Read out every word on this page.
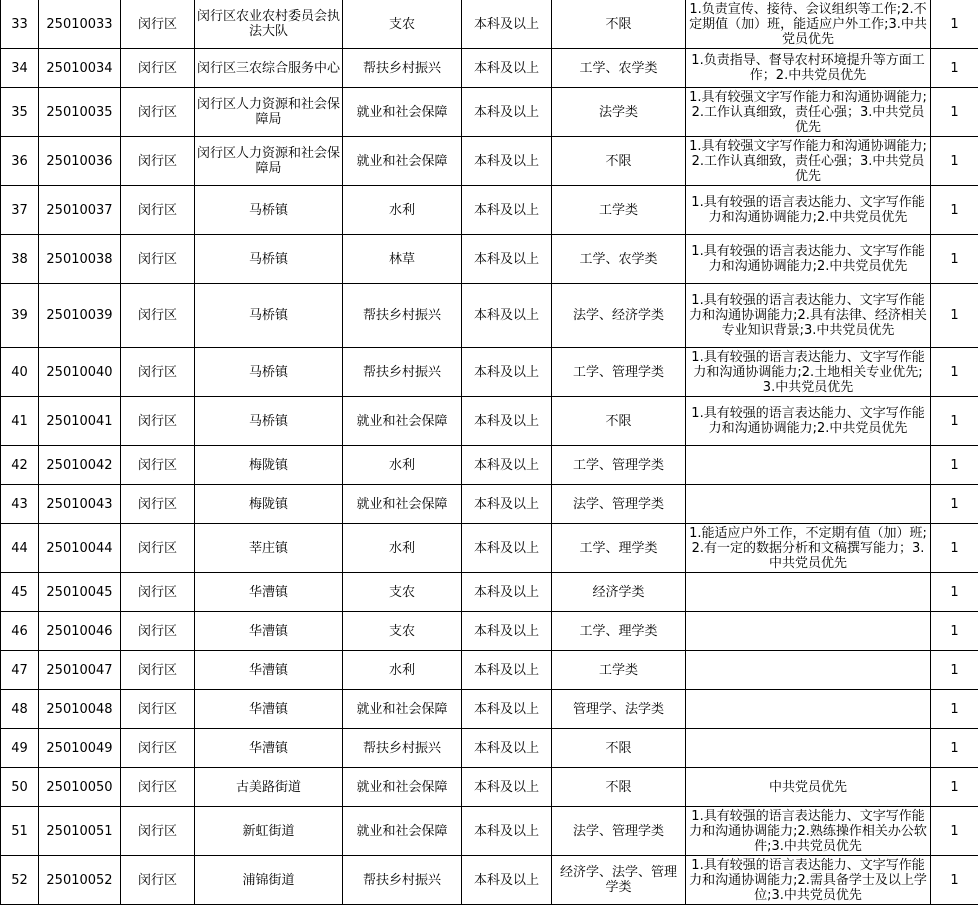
33	25010033	闵行区	闵行区农业农村委员会执法大队	支农	本科及以上	不限	1.负责宣传、接待、会议组织等工作;2.不定期值（加）班，能适应户外工作;3.中共党员优先	1
34	25010034	闵行区	闵行区三农综合服务中心	帮扶乡村振兴	本科及以上	工学、农学类	1.负责指导、督导农村环境提升等方面工作；2.中共党员优先	1
35	25010035	闵行区	闵行区人力资源和社会保障局	就业和社会保障	本科及以上	法学类	1.具有较强文字写作能力和沟通协调能力;2.工作认真细致，责任心强；3.中共党员优先	1
36	25010036	闵行区	闵行区人力资源和社会保障局	就业和社会保障	本科及以上	不限	1.具有较强文字写作能力和沟通协调能力;2.工作认真细致，责任心强；3.中共党员优先	1
37	25010037	闵行区	马桥镇	水利	本科及以上	工学类	1.具有较强的语言表达能力、文字写作能力和沟通协调能力;2.中共党员优先	1
38	25010038	闵行区	马桥镇	林草	本科及以上	工学、农学类	1.具有较强的语言表达能力、文字写作能力和沟通协调能力;2.中共党员优先	1
39	25010039	闵行区	马桥镇	帮扶乡村振兴	本科及以上	法学、经济学类	1.具有较强的语言表达能力、文字写作能力和沟通协调能力;2.具有法律、经济相关专业知识背景;3.中共党员优先	1
40	25010040	闵行区	马桥镇	帮扶乡村振兴	本科及以上	工学、管理学类	1.具有较强的语言表达能力、文字写作能力和沟通协调能力;2.土地相关专业优先;3.中共党员优先	1
41	25010041	闵行区	马桥镇	就业和社会保障	本科及以上	不限	1.具有较强的语言表达能力、文字写作能力和沟通协调能力;2.中共党员优先	1
42	25010042	闵行区	梅陇镇	水利	本科及以上	工学、管理学类		1
43	25010043	闵行区	梅陇镇	就业和社会保障	本科及以上	法学、管理学类		1
44	25010044	闵行区	莘庄镇	水利	本科及以上	工学、理学类	1.能适应户外工作，不定期有值（加）班;2.有一定的数据分析和文稿撰写能力；3.中共党员优先	1
45	25010045	闵行区	华漕镇	支农	本科及以上	经济学类		1
46	25010046	闵行区	华漕镇	支农	本科及以上	工学、理学类		1
47	25010047	闵行区	华漕镇	水利	本科及以上	工学类		1
48	25010048	闵行区	华漕镇	就业和社会保障	本科及以上	管理学、法学类		1
49	25010049	闵行区	华漕镇	帮扶乡村振兴	本科及以上	不限		1
50	25010050	闵行区	古美路街道	就业和社会保障	本科及以上	不限	中共党员优先	1
51	25010051	闵行区	新虹街道	就业和社会保障	本科及以上	法学、管理学类	1.具有较强的语言表达能力、文字写作能力和沟通协调能力;2.熟练操作相关办公软件;3.中共党员优先	1
52	25010052	闵行区	浦锦街道	帮扶乡村振兴	本科及以上	经济学、法学、管理学类	1.具有较强的语言表达能力、文字写作能力和沟通协调能力;2.需具备学士及以上学位;3.中共党员优先	1
